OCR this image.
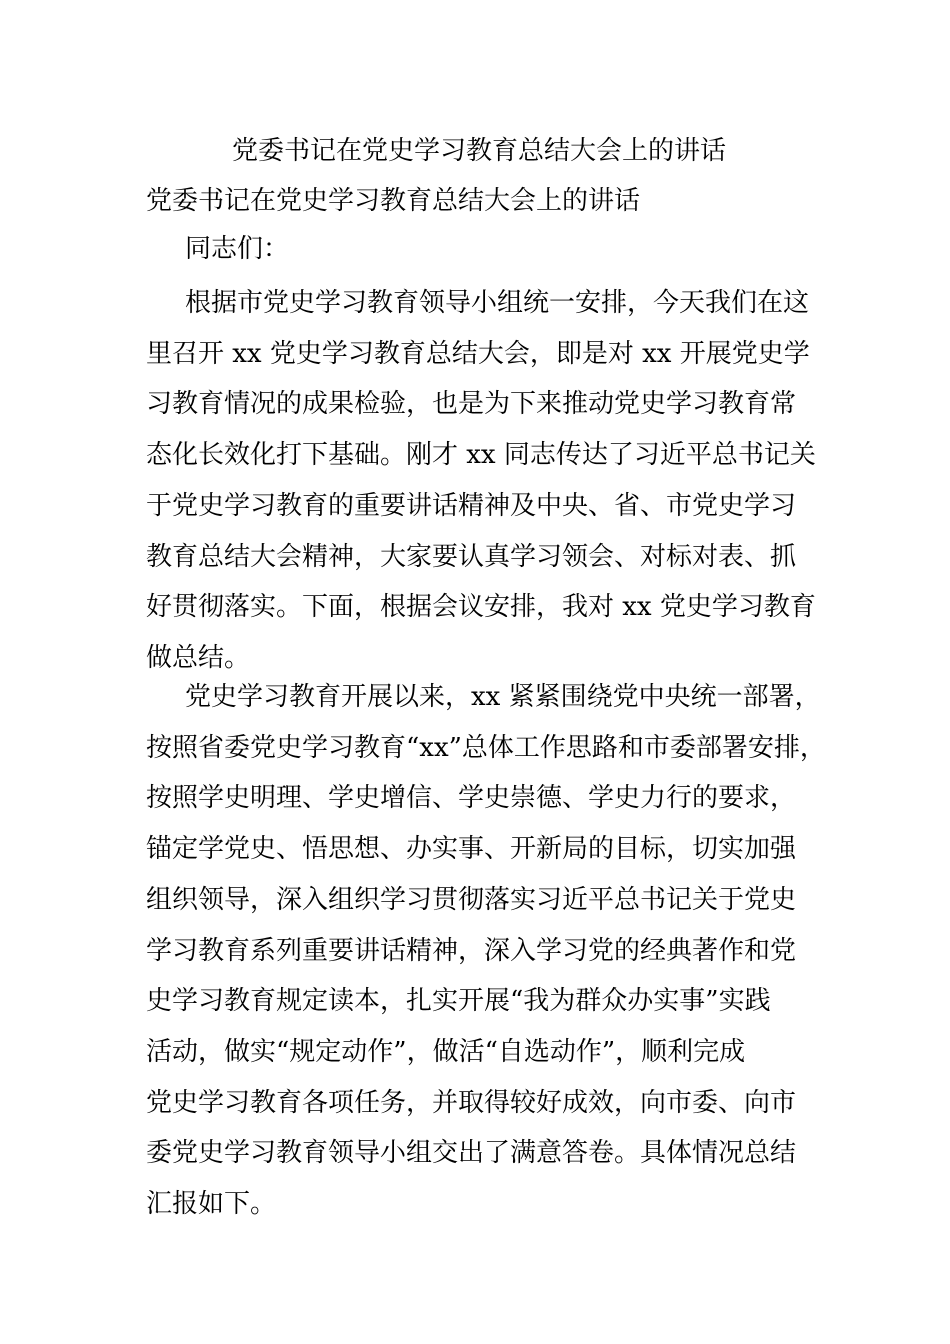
党委书记在党史学习教育总结大会上的讲话
党委书记在党史学习教育总结大会上的讲话
同志们：

根据市党史学习教育领导小组统一安排，今天我们在这
里召开 xx 党史学习教育总结大会，即是对 xx 开展党史学
习教育情况的成果检验，也是为下来推动党史学习教育常
态化长效化打下基础。刚才 xx 同志传达了习近平总书记关
于党史学习教育的重要讲话精神及中央、省、市党史学习
教育总结大会精神，大家要认真学习领会、对标对表、抓
好贯彻落实。下面，根据会议安排，我对 xx 党史学习教育
做总结。

党史学习教育开展以来，xx 紧紧围绕党中央统一部署，
按照省委党史学习教育“xx”总体工作思路和市委部署安排，
按照学史明理、学史增信、学史崇德、学史力行的要求，
锚定学党史、悟思想、办实事、开新局的目标，切实加强
组织领导，深入组织学习贯彻落实习近平总书记关于党史
学习教育系列重要讲话精神，深入学习党的经典著作和党
史学习教育规定读本，扎实开展“我为群众办实事”实践
活动，做实“规定动作”，做活“自选动作”，顺利完成
党史学习教育各项任务，并取得较好成效，向市委、向市
委党史学习教育领导小组交出了满意答卷。具体情况总结
汇报如下。
